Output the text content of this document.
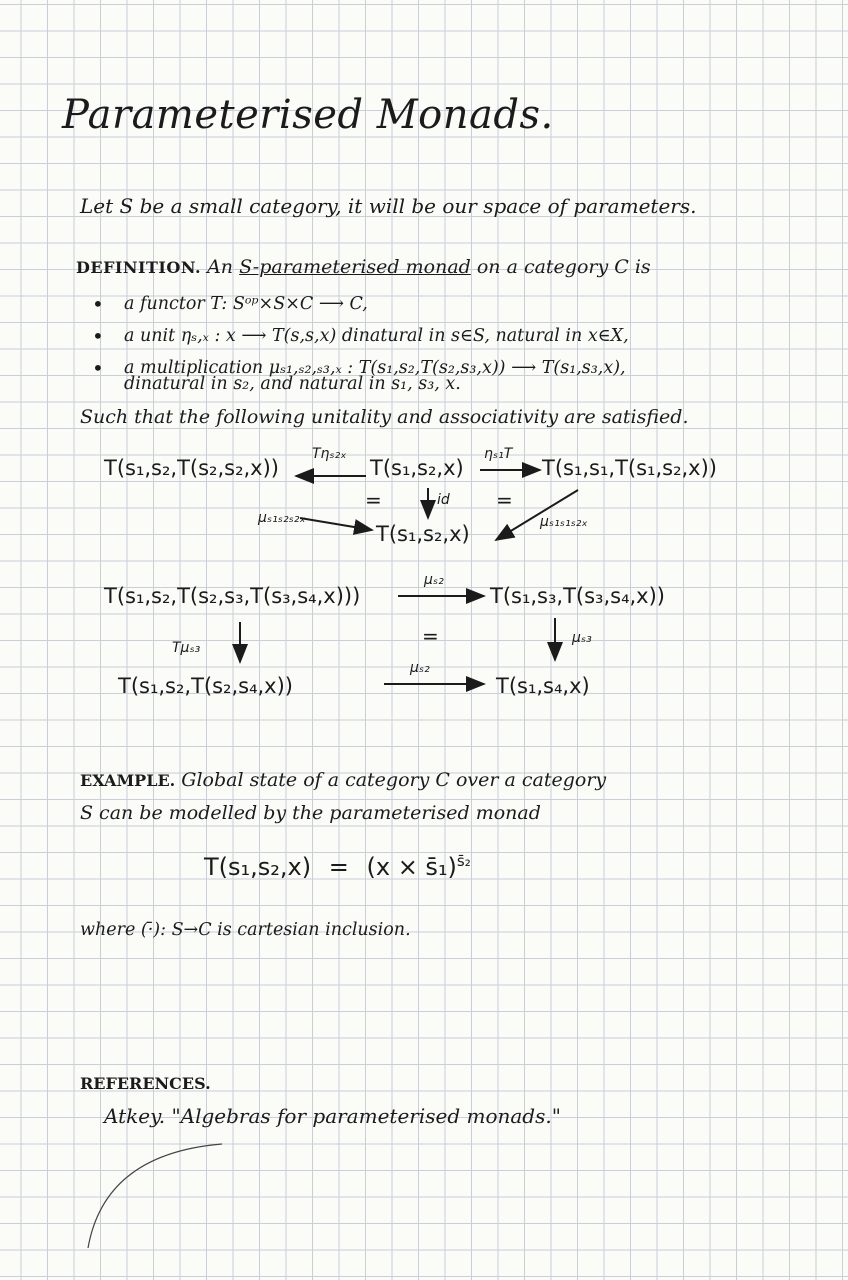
Parameterised Monads.
Let S be a small category, it will be our space of parameters.
DEFINITION. An S-parameterised monad on a category C is
• a functor T: Sᵒᵖ×S×C ⟶ C,
• a unit ηₛ,ₓ : x ⟶ T(s,s,x) dinatural in s∈S, natural in x∈X,
• a multiplication μₛ₁,ₛ₂,ₛ₃,ₓ : T(s₁,s₂,T(s₂,s₃,x)) ⟶ T(s₁,s₃,x),
dinatural in s₂, and natural in s₁, s₃, x.
Such that the following unitality and associativity are satisfied.
T(s₁,s₂,T(s₂,s₂,x))	T(s₁,s₂,x)	T(s₁,s₁,T(s₁,s₂,x))
T(s₁,s₂,x)
Tηₛ₂ₓ	ηₛ₁T
μₛ₁ₛ₂ₛ₂ₓ	μₛ₁ₛ₁ₛ₂ₓ
id
=	=
T(s₁,s₂,T(s₂,s₃,T(s₃,s₄,x)))	T(s₁,s₃,T(s₃,s₄,x))
T(s₁,s₂,T(s₂,s₄,x))	T(s₁,s₄,x)
μₛ₂
μₛ₂
Tμₛ₃
μₛ₃
=
EXAMPLE. Global state of a category C over a category
S can be modelled by the parameterised monad
T(s₁,s₂,x) = (x × s̄₁)$^{s̄_2}$
where (·̄): S→C is cartesian inclusion.
REFERENCES.
Atkey. "Algebras for parameterised monads."
